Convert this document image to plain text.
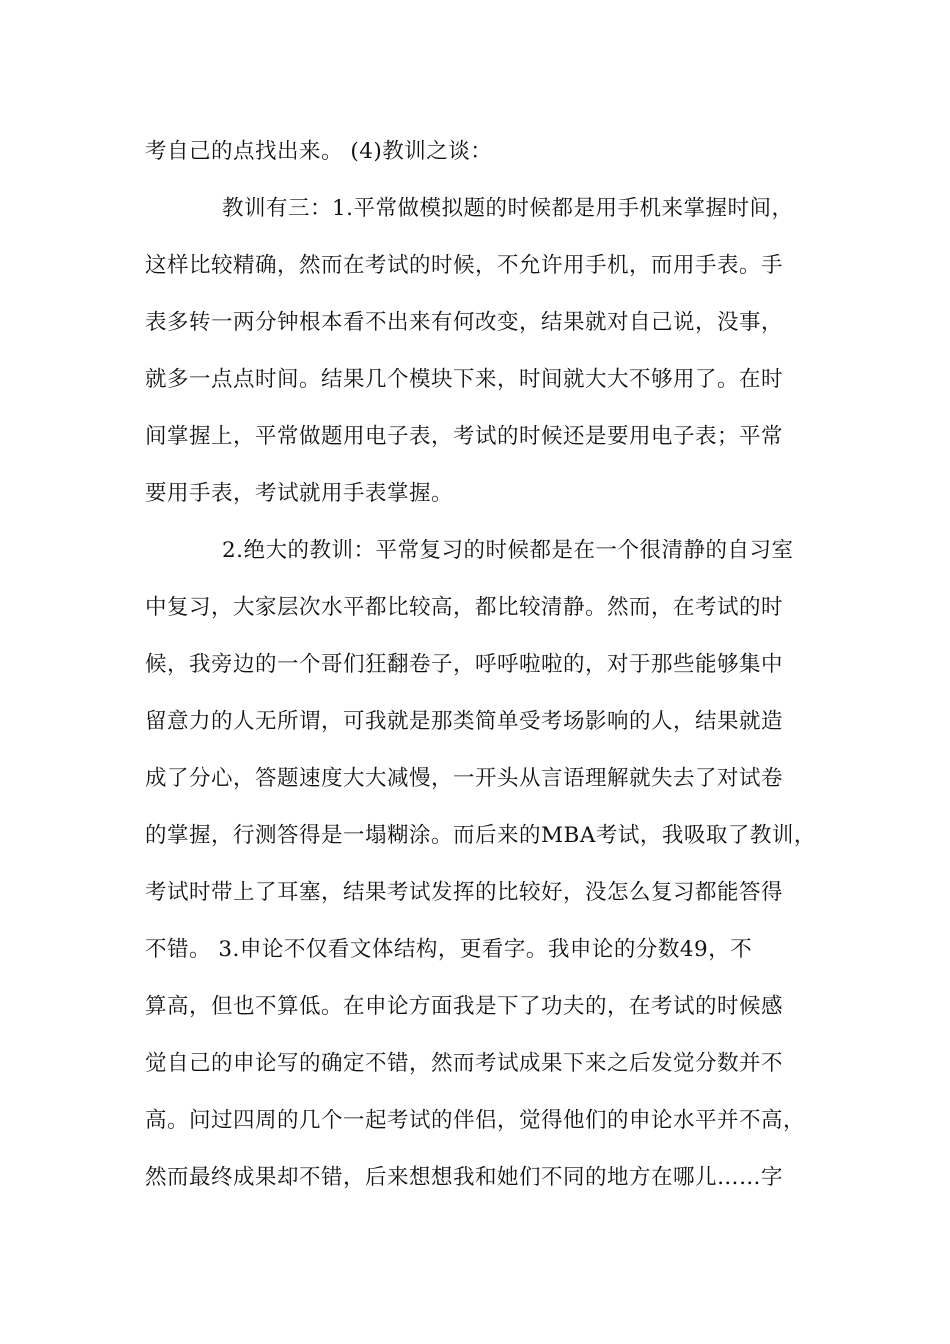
考自己的点找出来。 (4)教训之谈：
教训有三：1.平常做模拟题的时候都是用手机来掌握时间，
这样比较精确，然而在考试的时候，不允许用手机，而用手表。手
表多转一两分钟根本看不出来有何改变，结果就对自己说，没事，
就多一点点时间。结果几个模块下来，时间就大大不够用了。在时
间掌握上，平常做题用电子表，考试的时候还是要用电子表；平常
要用手表，考试就用手表掌握。
2.绝大的教训：平常复习的时候都是在一个很清静的自习室
中复习，大家层次水平都比较高，都比较清静。然而，在考试的时
候，我旁边的一个哥们狂翻卷子，呼呼啦啦的，对于那些能够集中
留意力的人无所谓，可我就是那类简单受考场影响的人，结果就造
成了分心，答题速度大大减慢，一开头从言语理解就失去了对试卷
的掌握，行测答得是一塌糊涂。而后来的MBA考试，我吸取了教训，
考试时带上了耳塞，结果考试发挥的比较好，没怎么复习都能答得
不错。 3.申论不仅看文体结构，更看字。我申论的分数49，不
算高，但也不算低。在申论方面我是下了功夫的，在考试的时候感
觉自己的申论写的确定不错，然而考试成果下来之后发觉分数并不
高。问过四周的几个一起考试的伴侣，觉得他们的申论水平并不高，
然而最终成果却不错，后来想想我和她们不同的地方在哪儿……字
